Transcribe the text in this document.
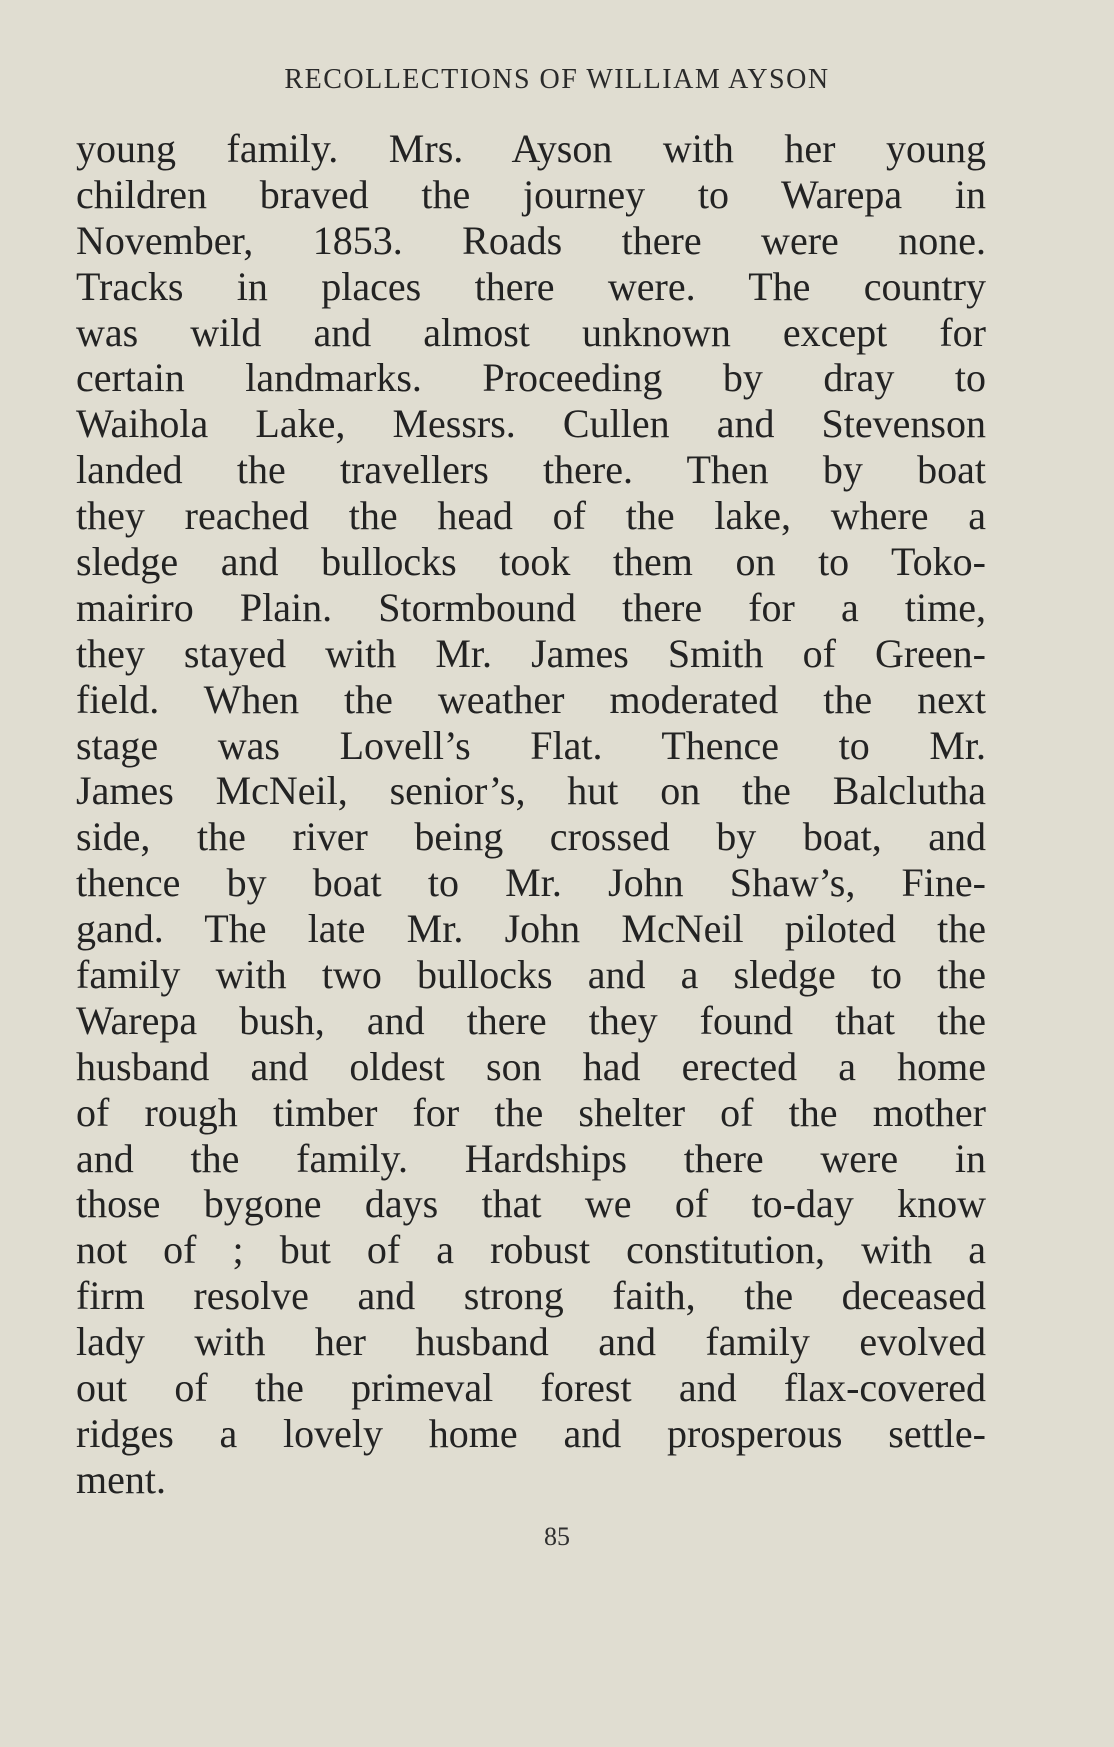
RECOLLECTIONS OF WILLIAM AYSON
young family. Mrs. Ayson with her young
children braved the journey to Warepa in
November, 1853. Roads there were none.
Tracks in places there were. The country
was wild and almost unknown except for
certain landmarks. Proceeding by dray to
Waihola Lake, Messrs. Cullen and Stevenson
landed the travellers there. Then by boat
they reached the head of the lake, where a
sledge and bullocks took them on to Toko-
mairiro Plain. Stormbound there for a time,
they stayed with Mr. James Smith of Green-
field. When the weather moderated the next
stage was Lovell’s Flat. Thence to Mr.
James McNeil, senior’s, hut on the Balclutha
side, the river being crossed by boat, and
thence by boat to Mr. John Shaw’s, Fine-
gand. The late Mr. John McNeil piloted the
family with two bullocks and a sledge to the
Warepa bush, and there they found that the
husband and oldest son had erected a home
of rough timber for the shelter of the mother
and the family. Hardships there were in
those bygone days that we of to-day know
not of ; but of a robust constitution, with a
firm resolve and strong faith, the deceased
lady with her husband and family evolved
out of the primeval forest and flax-covered
ridges a lovely home and prosperous settle-
ment.
85
